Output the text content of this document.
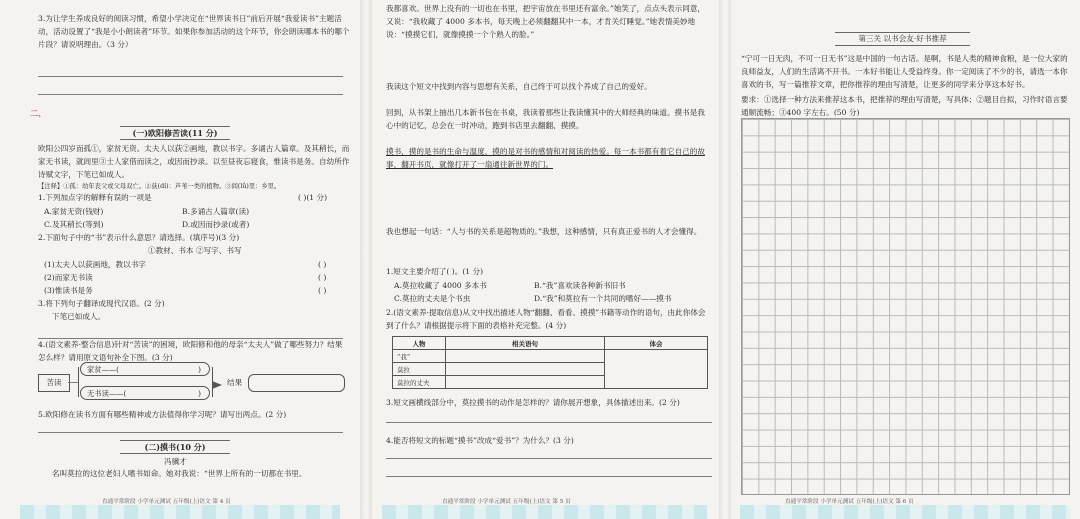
3.为让学生养成良好的阅读习惯，希望小学决定在“世界读书日”前后开展“我爱读书”主题活动，活动设置了“我是小小朗读者”环节。如果你参加活动的这个环节，你会朗读哪本书的哪个片段？请说明理由。（3 分）
二、
(一)欧阳修苦读(11 分)
欧阳公四岁而孤①，家贫无资。太夫人以荻②画地，教以书字。多诵古人篇章。及其稍长，而家无书读，就闾里③士人家借而读之，或因而抄录。以至昼夜忘寝食，惟读书是务。自幼所作诗赋文字，下笔已如成人。
【注释】①孤：幼年丧父或父母双亡。②荻(dí)：芦苇一类的植物。③闾(lǘ)里：乡里。
1.下列加点字的解释有误的一项是	( )(1 分)
A.家贫无资(钱财)	B.多诵古人篇章(读)
C.及其稍长(等到)	D.或因而抄录(或者)
2.下面句子中的“书”表示什么意思？请选择。(填序号)(3 分)
①教材、书本 ②写字、书写
(1)太夫人以荻画地，教以书字	( )
(2)而家无书读	( )
(3)惟读书是务	( )
3.将下列句子翻译成现代汉语。(2 分)
下笔已如成人。
4.(语文素养·整合信息)针对“苦读”的困境，欧阳修和他的母亲“太夫人”做了哪些努力？结果怎么样？请用原文语句补全下图。(3 分)
苦读
家贫——(	)
无书读——(	)
结果
5.欧阳修在读书方面有哪些精神或方法值得你学习呢？请写出两点。(2 分)
(二)摸书(10 分)
冯骥才
名叫莫拉的这位老妇人嗜书如命。她对我说：“世界上所有的一切都在书里。
直通平常阶段 小学单元测试 五年级(上)语文 第 4 页
我都喜欢。世界上没有的一切也在书里，把宇宙放在书里还有富余。”她笑了，点点头表示同意，又说：“我收藏了 4000 多本书，每天晚上必须翻翻其中一本，才肯关灯睡觉。”她表情美妙地说：“摸摸它们，就像摸摸一个个熟人的脸。”
我读这个短文中找到内容与思想有关系，自己终于可以找个养成了自己的爱好。
回到，从书架上抽出几本新书包在书桌，我读着那些让我读懂其中的大师经典的味道。摸书是我心中的记忆，总会在一时冲动，跑到书店里去翻翻、摸摸。
摸书，摸的是书的生命与温度，摸的是对书的感情和对阅读的热爱。每一本书都有着它自己的故事，翻开书页，就像打开了一扇通往新世界的门。
我也想起一句话：“人与书的关系是超物质的。”我想，这种感情，只有真正爱书的人才会懂得。
1.短文主要介绍了( )。(1 分)
A.莫拉收藏了 4000 多本书	B.“我”喜欢读各种新书旧书
C.莫拉的丈夫是个书虫	D.“我”和莫拉有一个共同的嗜好——摸书
2.(语文素养·提取信息)从文中找出描述人物“翻翻、看看、摸摸”书籍等动作的语句，由此你体会到了什么？请根据提示将下面的表格补充完整。(4 分)
人物	相关语句	体会
“我”		
莫拉		
莫拉的丈夫		
3.短文画横线部分中，莫拉摸书的动作是怎样的？请你展开想象，具体描述出来。(2 分)
4.能否将短文的标题“摸书”改成“爱书”？为什么？(3 分)
直通平常阶段 小学单元测试 五年级(上)语文 第 5 页
第三关 以书会友·好书推荐
“宁可一日无肉，不可一日无书”这是中国的一句古话。是啊，书是人类的精神食粮，是一位大家的良师益友，人们的生活离不开书。一本好书能让人受益终身。你一定阅读了不少的书，请选一本你喜欢的书，写一篇推荐文章，把你推荐的理由写清楚，让更多的同学来分享这本好书。
要求：①选择一种方法来推荐这本书，把推荐的理由写清楚，写具体；②题目自拟，习作时语言要通顺流畅；③400 字左右。(50 分)
直通平常阶段 小学单元测试 五年级(上)语文 第 6 页
